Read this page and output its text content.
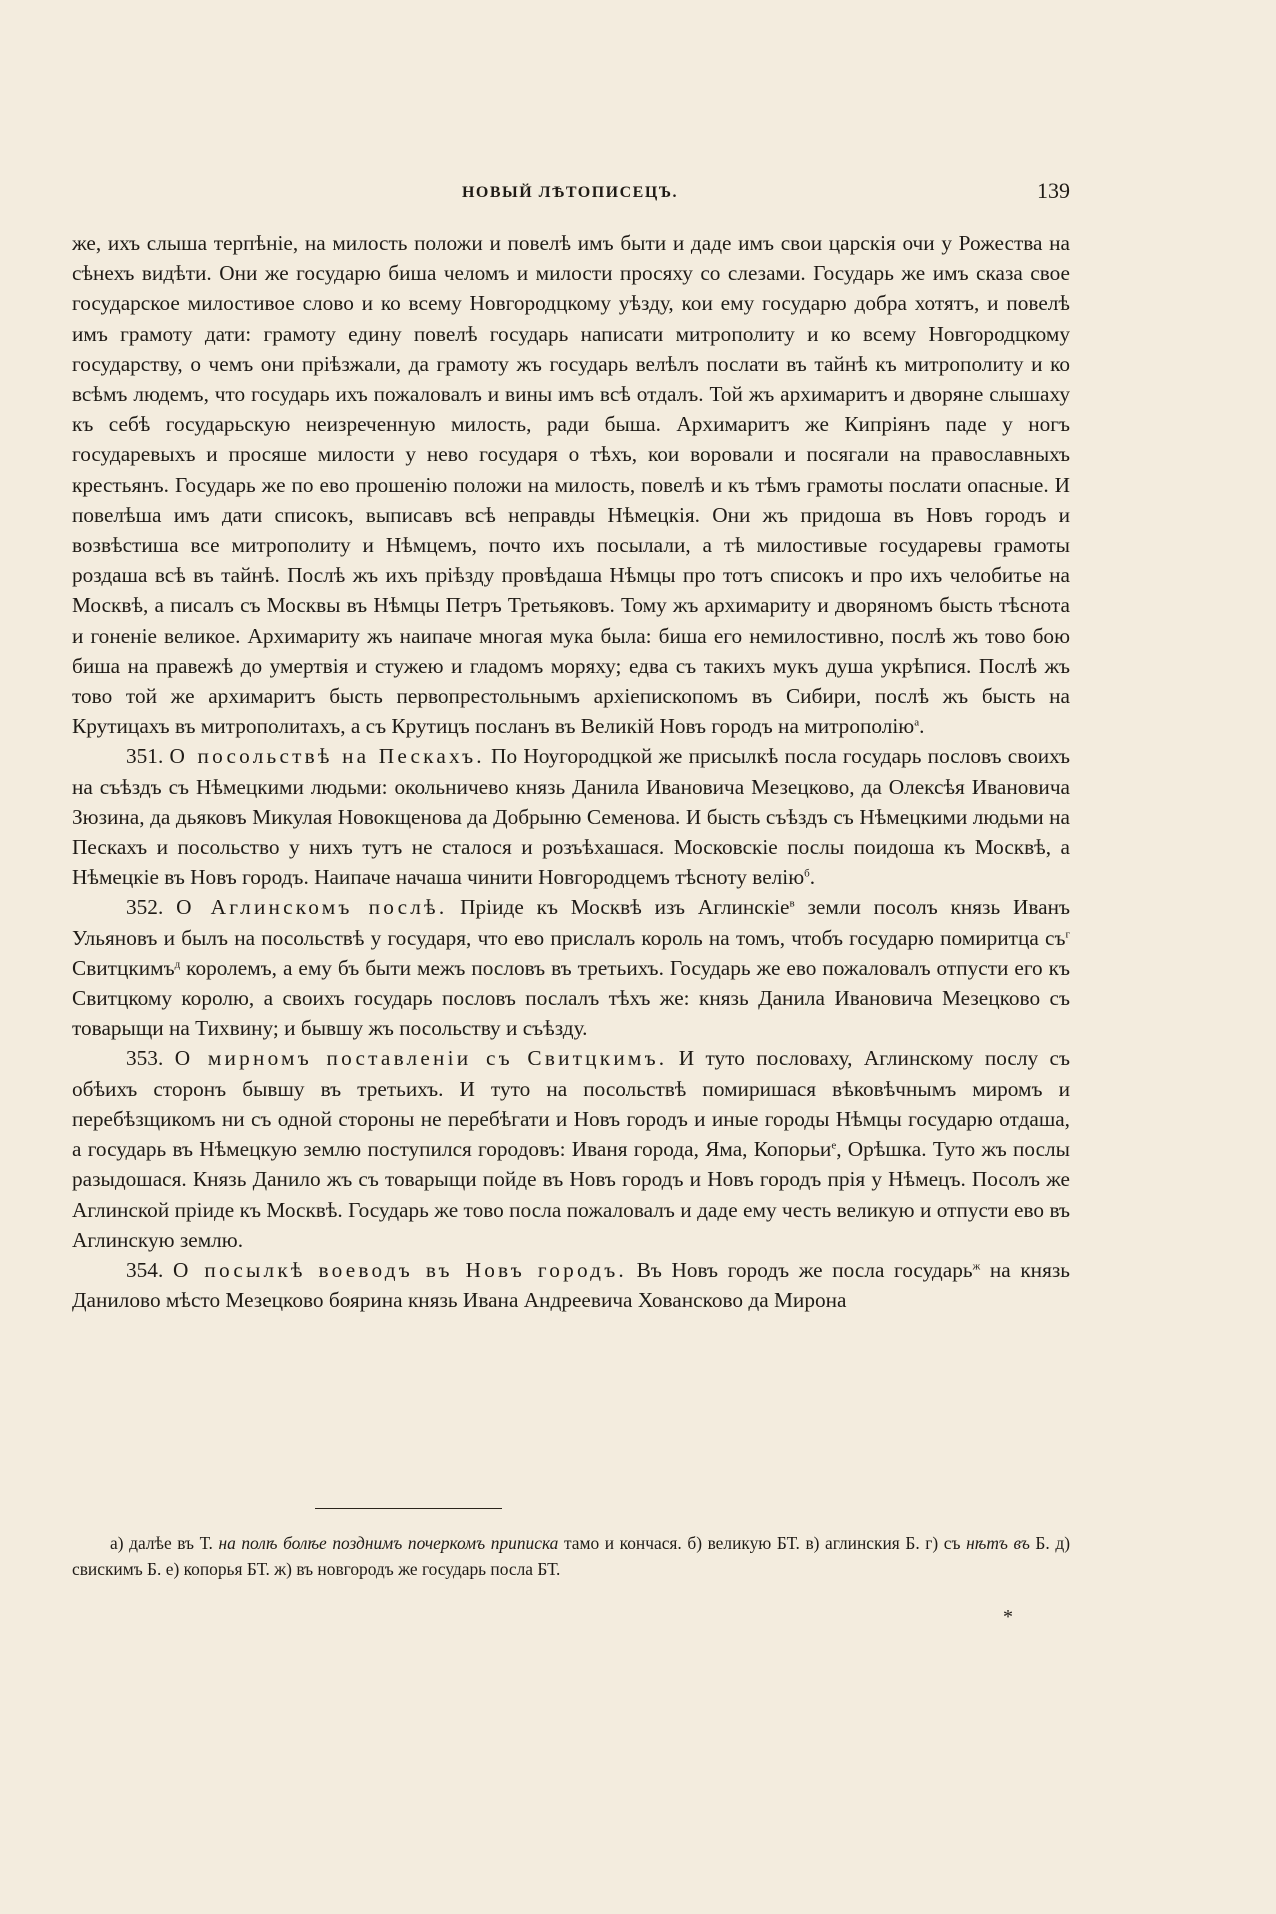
НОВЫЙ ЛѢТОПИСЕЦЪ.	139

же, ихъ слыша терпѣніе, на милость положи и повелѣ имъ быти и даде имъ свои царскія очи у Рожества на сѣнехъ видѣти. Они же государю биша челомъ и милости просяху со слезами. Государь же имъ сказа свое государское милостивое слово и ко всему Новгородцкому уѣзду, кои ему государю добра хотятъ, и повелѣ имъ грамоту дати: грамоту едину повелѣ государь написати митрополиту и ко всему Новгородцкому государству, о чемъ они пріѣзжали, да грамоту жъ государь велѣлъ послати въ тайнѣ къ митрополиту и ко всѣмъ людемъ, что государь ихъ пожаловалъ и вины имъ всѣ отдалъ. Той жъ архимаритъ и дворяне слышаху къ себѣ государьскую неизреченную милость, ради быша. Архимаритъ же Кипріянъ паде у ногъ государевыхъ и просяше милости у нево государя о тѣхъ, кои воровали и посягали на православныхъ крестьянъ. Государь же по ево прошенію положи на милость, повелѣ и къ тѣмъ грамоты послати опасные. И повелѣша имъ дати списокъ, выписавъ всѣ неправды Нѣмецкія. Они жъ придоша въ Новъ городъ и возвѣстиша все митрополиту и Нѣмцемъ, почто ихъ посылали, а тѣ милостивые государевы грамоты роздаша всѣ въ тайнѣ. Послѣ жъ ихъ пріѣзду провѣдаша Нѣмцы про тотъ списокъ и про ихъ челобитье на Москвѣ, а писалъ съ Москвы въ Нѣмцы Петръ Третьяковъ. Тому жъ архимариту и дворяномъ бысть тѣснота и гоненіе великое. Архимариту жъ наипаче многая мука была: биша его немилостивно, послѣ жъ тово бою биша на правежѣ до умертвія и стужею и гладомъ моряху; едва съ такихъ мукъ душа укрѣпися. Послѣ жъ тово той же архимаритъ бысть первопрестольнымъ архіепископомъ въ Сибири, послѣ жъ бысть на Крутицахъ въ митрополитахъ, а съ Крутицъ посланъ въ Великій Новъ городъ на митрополію$^а$.

351. О посольствѣ на Пескахъ. По Ноугородцкой же присылкѣ посла государь пословъ своихъ на съѣздъ съ Нѣмецкими людьми: окольничево князь Данила Ивановича Мезецково, да Олексѣя Ивановича Зюзина, да дьяковъ Микулая Новокщенова да Добрыню Семенова. И бысть съѣздъ съ Нѣмецкими людьми на Пескахъ и посольство у нихъ тутъ не сталося и розъѣхашася. Московскіе послы поидоша къ Москвѣ, а Нѣмецкіе въ Новъ городъ. Наипаче начаша чинити Новгородцемъ тѣсноту велію$^б$.

352. О Аглинскомъ послѣ. Пріиде къ Москвѣ изъ Аглинскіе$^в$ земли посолъ князь Иванъ Ульяновъ и былъ на посольствѣ у государя, что ево прислалъ король на томъ, чтобъ государю помиритца $съ^г$ Свитцкимъ$^д$ королемъ, а ему бъ быти межъ пословъ въ третьихъ. Государь же ево пожаловалъ отпусти его къ Свитцкому королю, а своихъ государь пословъ послалъ тѣхъ же: князь Данила Ивановича Мезецково съ товарыщи на Тихвину; и бывшу жъ посольству и съѣзду.

353. О мирномъ поставленіи съ Свитцкимъ. И туто пословаху, Аглинскому послу съ обѣихъ сторонъ бывшу въ третьихъ. И туто на посольствѣ помиришася вѣковѣчнымъ миромъ и перебѣзщикомъ ни съ одной стороны не перебѣгати и Новъ городъ и иные городы Нѣмцы государю отдаша, а государь въ Нѣмецкую землю поступился городовъ: Иваня города, Яма, Копорьи$^е$, Орѣшка. Туто жъ послы разыдошася. Князь Данило жъ съ товарыщи пойде въ Новъ городъ и Новъ городъ прія у Нѣмецъ. Посолъ же Аглинской пріиде къ Москвѣ. Государь же тово посла пожаловалъ и даде ему честь великую и отпусти ево въ Аглинскую землю.

354. О посылкѣ воеводъ въ Новъ городъ. Въ Новъ городъ же посла государь$^ж$ на князь Данилово мѣсто Мезецково боярина князь Ивана Андреевича Ховансково да Мирона

а) далѣе въ Т. на полѣ болѣе позднимъ почеркомъ приписка тамо и кончася. б) великую БТ. в) аглинския Б. г) съ нѣтъ въ Б. д) свискимъ Б. е) копорья БТ. ж) въ новгородъ же государь посла БТ.

*
